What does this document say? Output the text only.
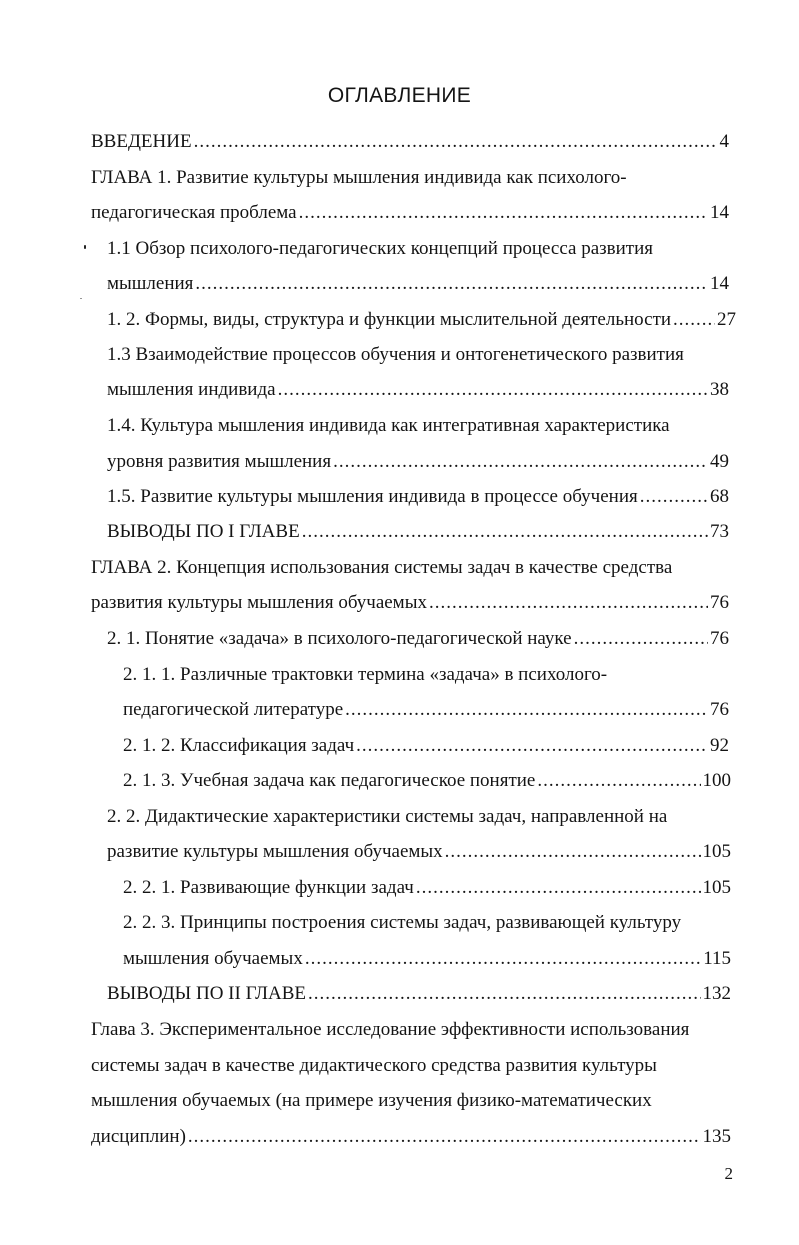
ОГЛАВЛЕНИЕ
ВВЕДЕНИЕ .....	4
ГЛАВА 1. Развитие культуры мышления индивида как психолого-
педагогическая проблема .....	14
1.1 Обзор психолого-педагогических концепций процесса развития
мышления .....	14
1. 2. Формы, виды, структура и функции мыслительной деятельности ..... 27
1.3 Взаимодействие процессов обучения и онтогенетического развития
мышления индивида .....	38
1.4. Культура мышления индивида как интегративная характеристика
уровня развития мышления .....	49
1.5. Развитие культуры мышления индивида в процессе обучения .....	68
ВЫВОДЫ ПО I ГЛАВЕ .....	73
ГЛАВА 2. Концепция использования системы задач в качестве средства
развития культуры мышления обучаемых .....	76
2. 1. Понятие «задача» в психолого-педагогической науке .....	76
2. 1. 1. Различные трактовки термина «задача» в психолого-
педагогической литературе .....	76
2. 1. 2. Классификация задач .....	92
2. 1. 3. Учебная задача как педагогическое понятие .....	100
2. 2. Дидактические характеристики системы задач, направленной на
развитие культуры мышления обучаемых .....	105
2. 2. 1. Развивающие функции задач .....	105
2. 2. 3. Принципы построения системы задач, развивающей культуру
мышления обучаемых .....	115
ВЫВОДЫ ПО II ГЛАВЕ .....	132
Глава 3. Экспериментальное исследование эффективности использования
системы задач в качестве дидактического средства развития культуры
мышления обучаемых (на примере изучения физико-математических
дисциплин) .....	135
2
